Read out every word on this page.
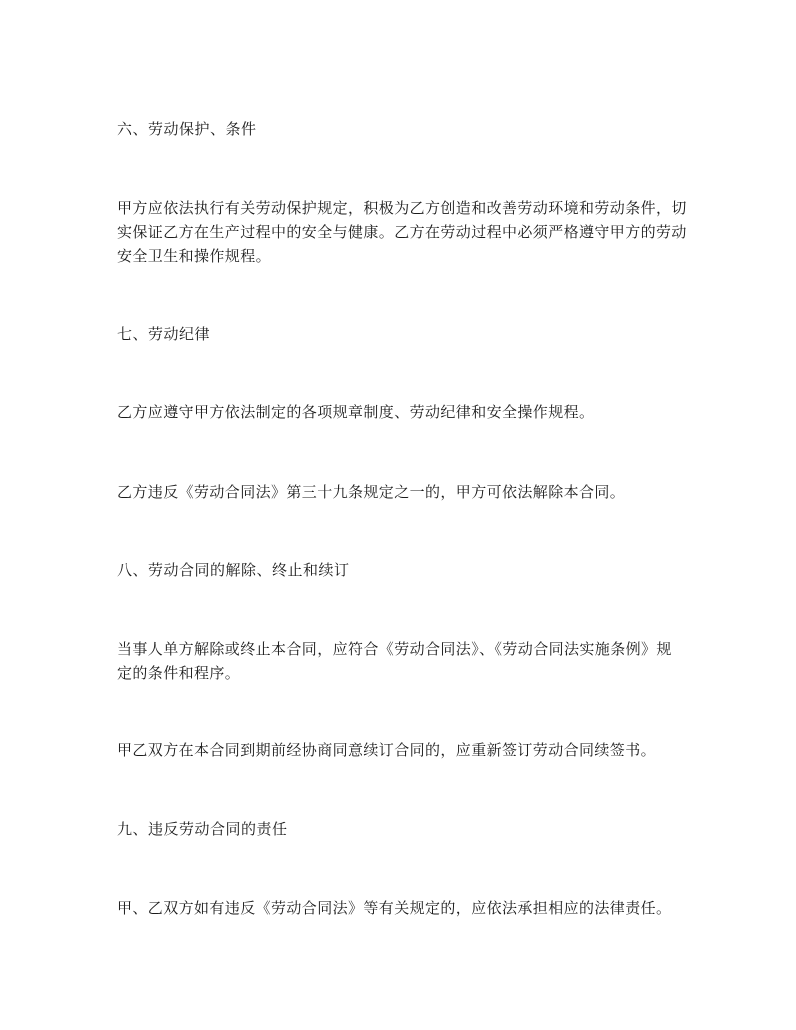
六、劳动保护、条件

甲方应依法执行有关劳动保护规定，积极为乙方创造和改善劳动环境和劳动条件，切实保证乙方在生产过程中的安全与健康。乙方在劳动过程中必须严格遵守甲方的劳动安全卫生和操作规程。

七、劳动纪律

乙方应遵守甲方依法制定的各项规章制度、劳动纪律和安全操作规程。

乙方违反《劳动合同法》第三十九条规定之一的，甲方可依法解除本合同。

八、劳动合同的解除、终止和续订

当事人单方解除或终止本合同，应符合《劳动合同法》、《劳动合同法实施条例》规定的条件和程序。

甲乙双方在本合同到期前经协商同意续订合同的，应重新签订劳动合同续签书。

九、违反劳动合同的责任

甲、乙双方如有违反《劳动合同法》等有关规定的，应依法承担相应的法律责任。
